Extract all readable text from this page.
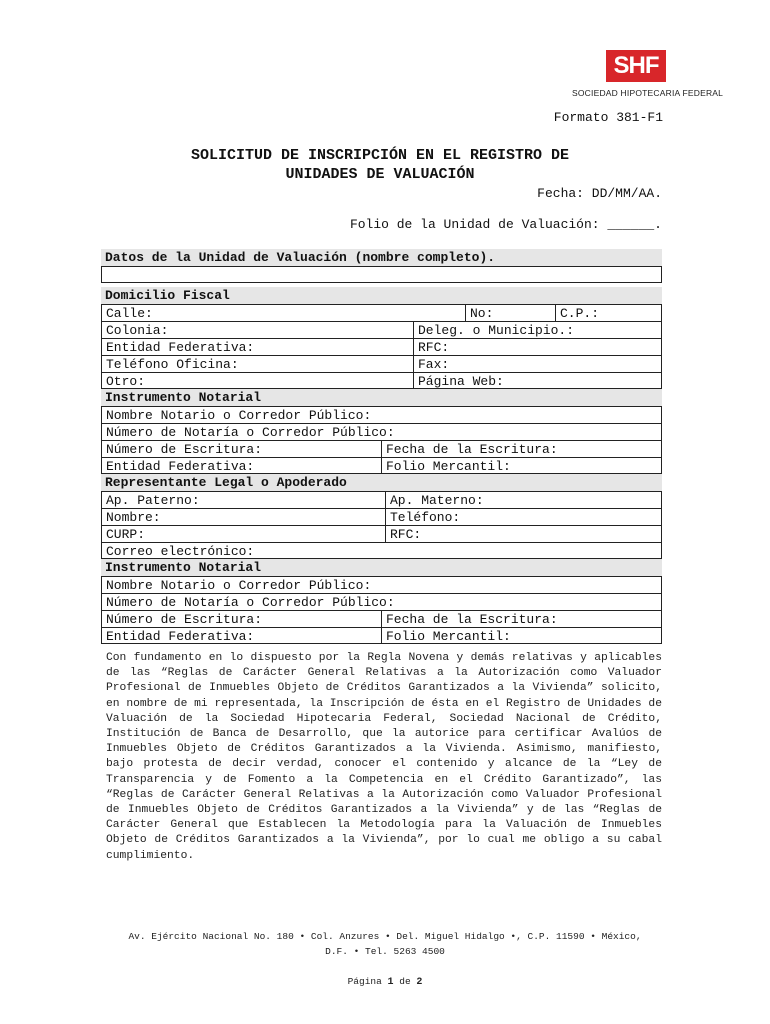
SHF
SOCIEDAD HIPOTECARIA FEDERAL
Formato 381-F1
SOLICITUD DE INSCRIPCIÓN EN EL REGISTRO DE
UNIDADES DE VALUACIÓN
Fecha: DD/MM/AA.
Folio de la Unidad de Valuación: ______.
Datos de la Unidad de Valuación (nombre completo).
Domicilio Fiscal
Calle:	No:	C.P.:
Colonia:	Deleg. o Municipio.:
Entidad Federativa:	RFC:
Teléfono Oficina:	Fax:
Otro:	Página Web:
Instrumento Notarial
Nombre Notario o Corredor Público:
Número de Notaría o Corredor Público:
Número de Escritura:	Fecha de la Escritura:
Entidad Federativa:	Folio Mercantil:
Representante Legal o Apoderado
Ap. Paterno:	Ap. Materno:
Nombre:	Teléfono:
CURP:	RFC:
Correo electrónico:
Instrumento Notarial
Nombre Notario o Corredor Público:
Número de Notaría o Corredor Público:
Número de Escritura:	Fecha de la Escritura:
Entidad Federativa:	Folio Mercantil:
Con fundamento en lo dispuesto por la Regla Novena y demás relativas y aplicables de las “Reglas de Carácter General Relativas a la Autorización como Valuador Profesional de Inmuebles Objeto de Créditos Garantizados a la Vivienda” solicito, en nombre de mi representada, la Inscripción de ésta en el Registro de Unidades de Valuación de la Sociedad Hipotecaria Federal, Sociedad Nacional de Crédito, Institución de Banca de Desarrollo, que la autorice para certificar Avalúos de Inmuebles Objeto de Créditos Garantizados a la Vivienda. Asimismo, manifiesto, bajo protesta de decir verdad, conocer el contenido y alcance de la “Ley de Transparencia y de Fomento a la Competencia en el Crédito Garantizado”, las “Reglas de Carácter General Relativas a la Autorización como Valuador Profesional de Inmuebles Objeto de Créditos Garantizados a la Vivienda” y de las “Reglas de Carácter General que Establecen la Metodología para la Valuación de Inmuebles Objeto de Créditos Garantizados a la Vivienda”, por lo cual me obligo a su cabal cumplimiento.
Av. Ejército Nacional No. 180 • Col. Anzures • Del. Miguel Hidalgo •, C.P. 11590 • México,
D.F. • Tel. 5263 4500
Página 1 de 2
